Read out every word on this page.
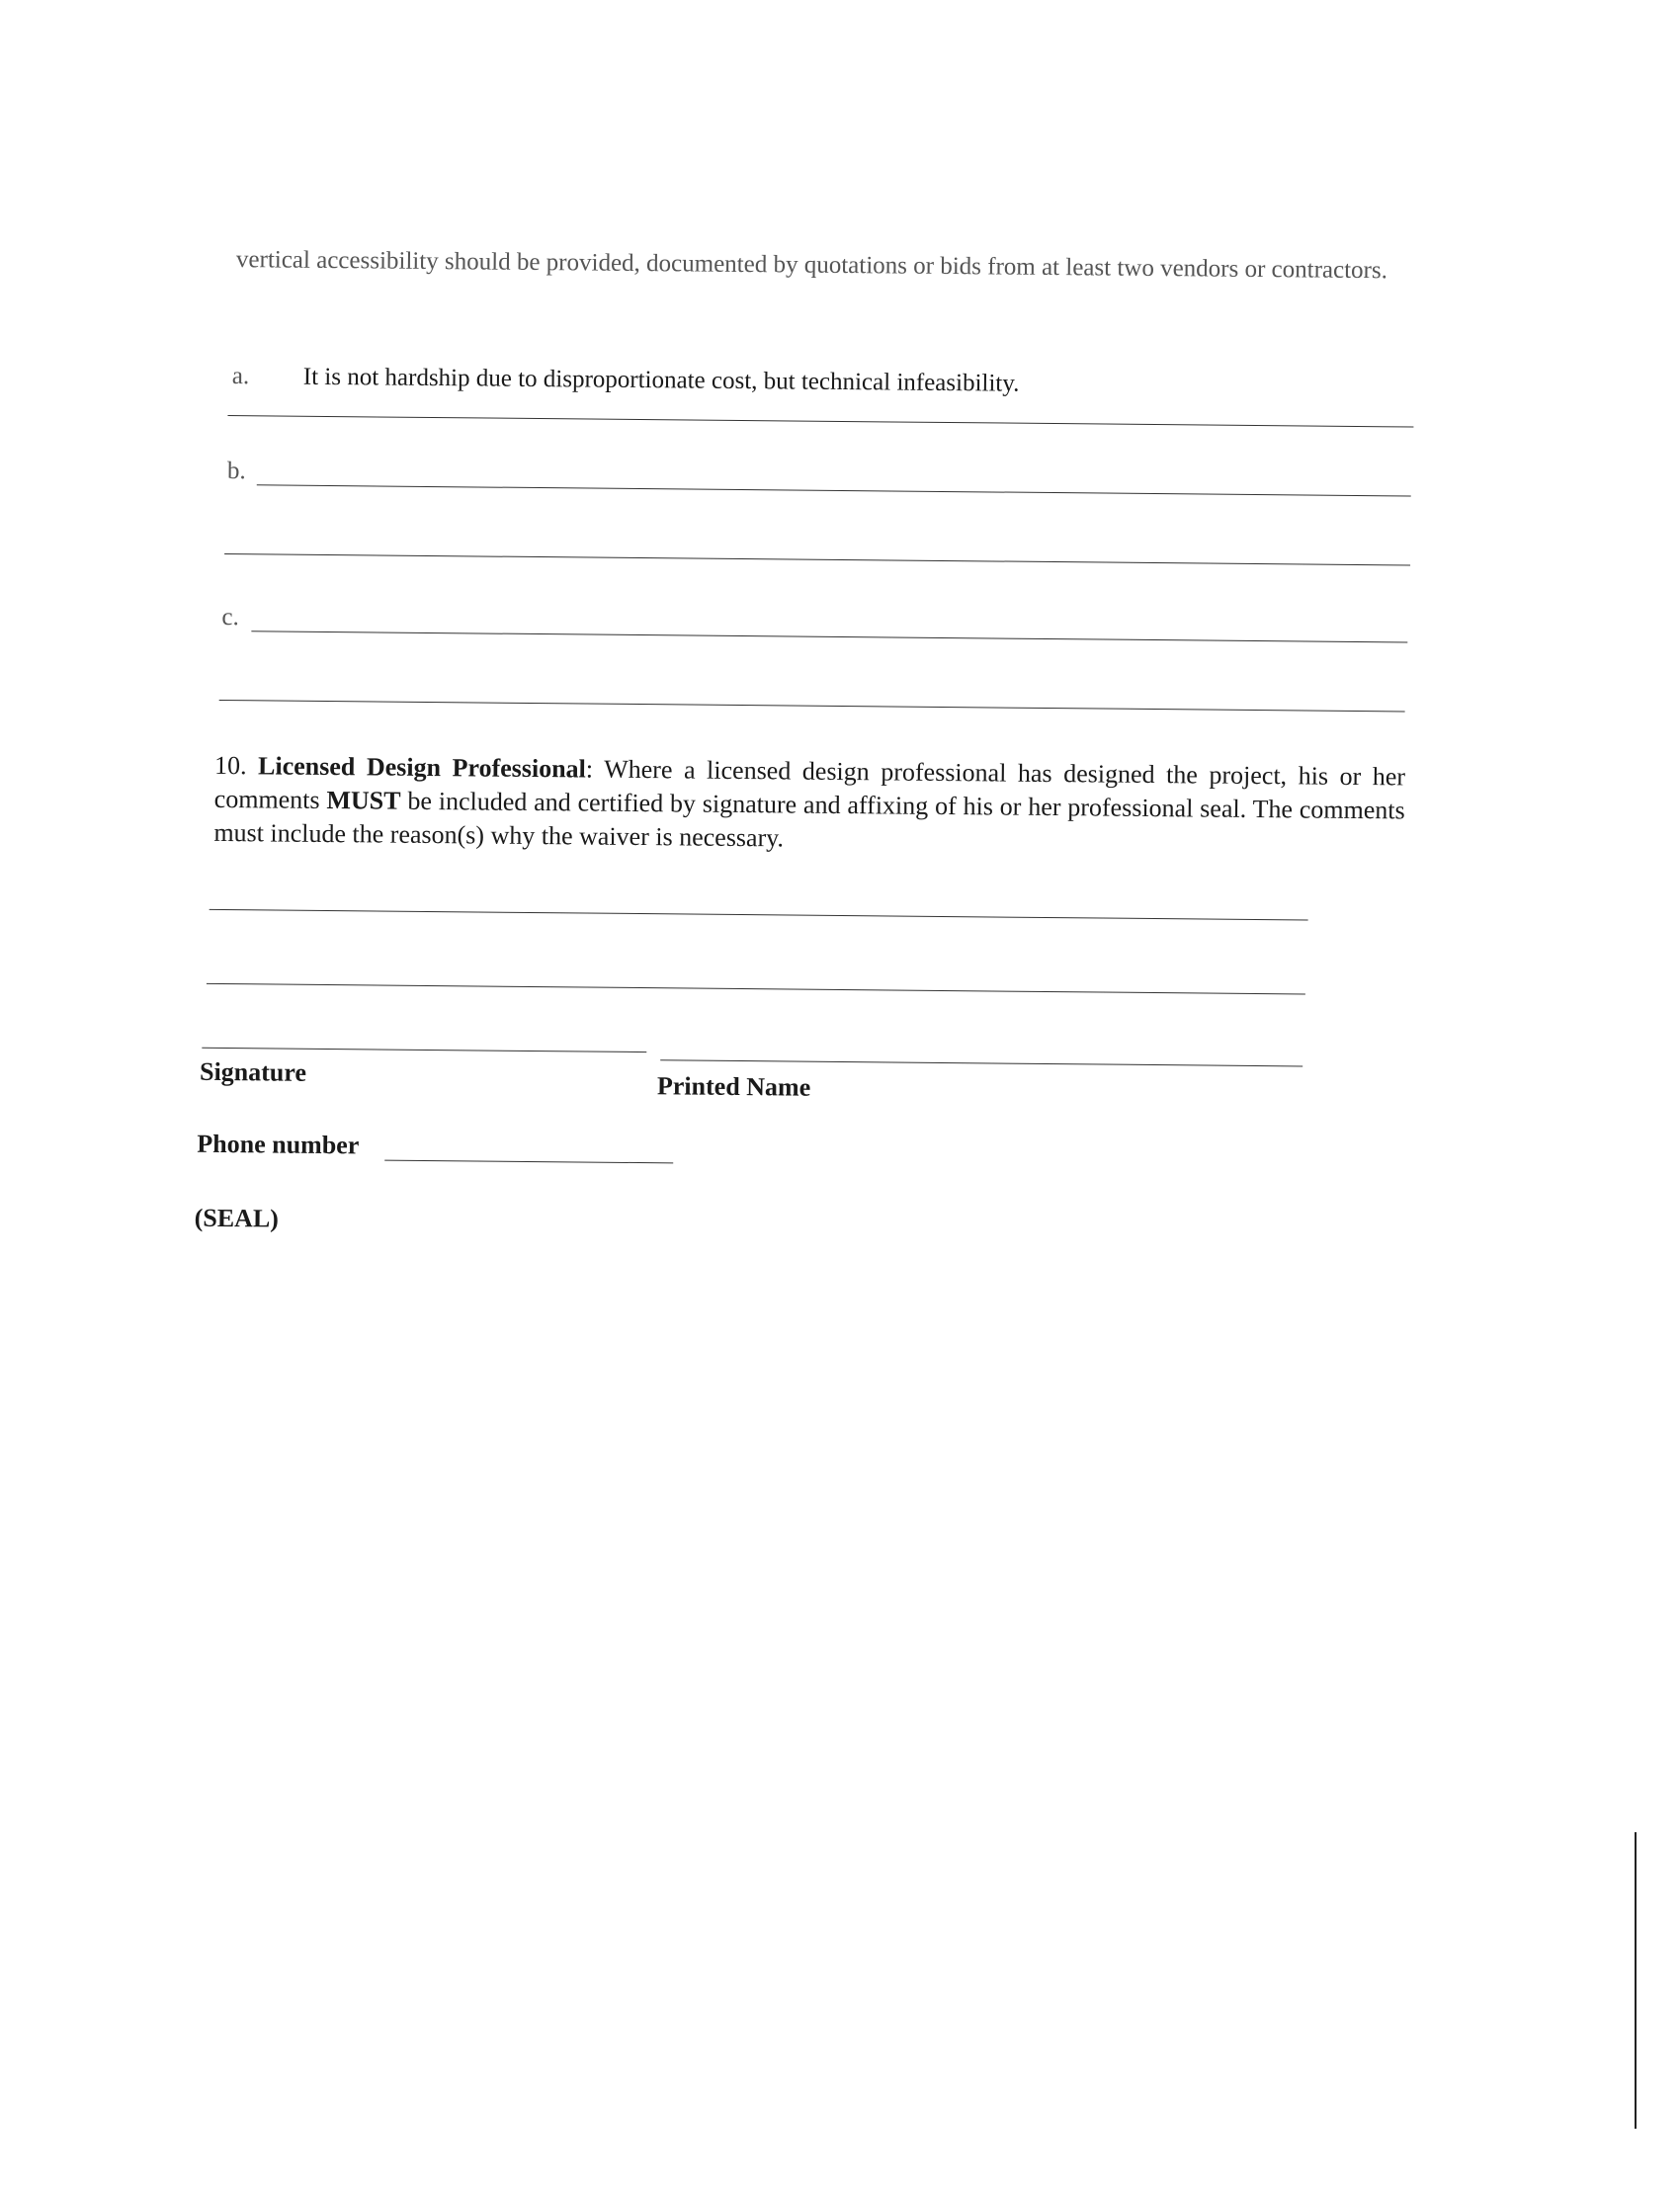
vertical accessibility should be provided, documented by quotations or bids from at least two vendors or contractors.
a. It is not hardship due to disproportionate cost, but technical infeasibility.
b.
c.
10. Licensed Design Professional: Where a licensed design professional has designed the project, his or her comments MUST be included and certified by signature and affixing of his or her professional seal. The comments must include the reason(s) why the waiver is necessary.
Signature	Printed Name
Phone number
(SEAL)
